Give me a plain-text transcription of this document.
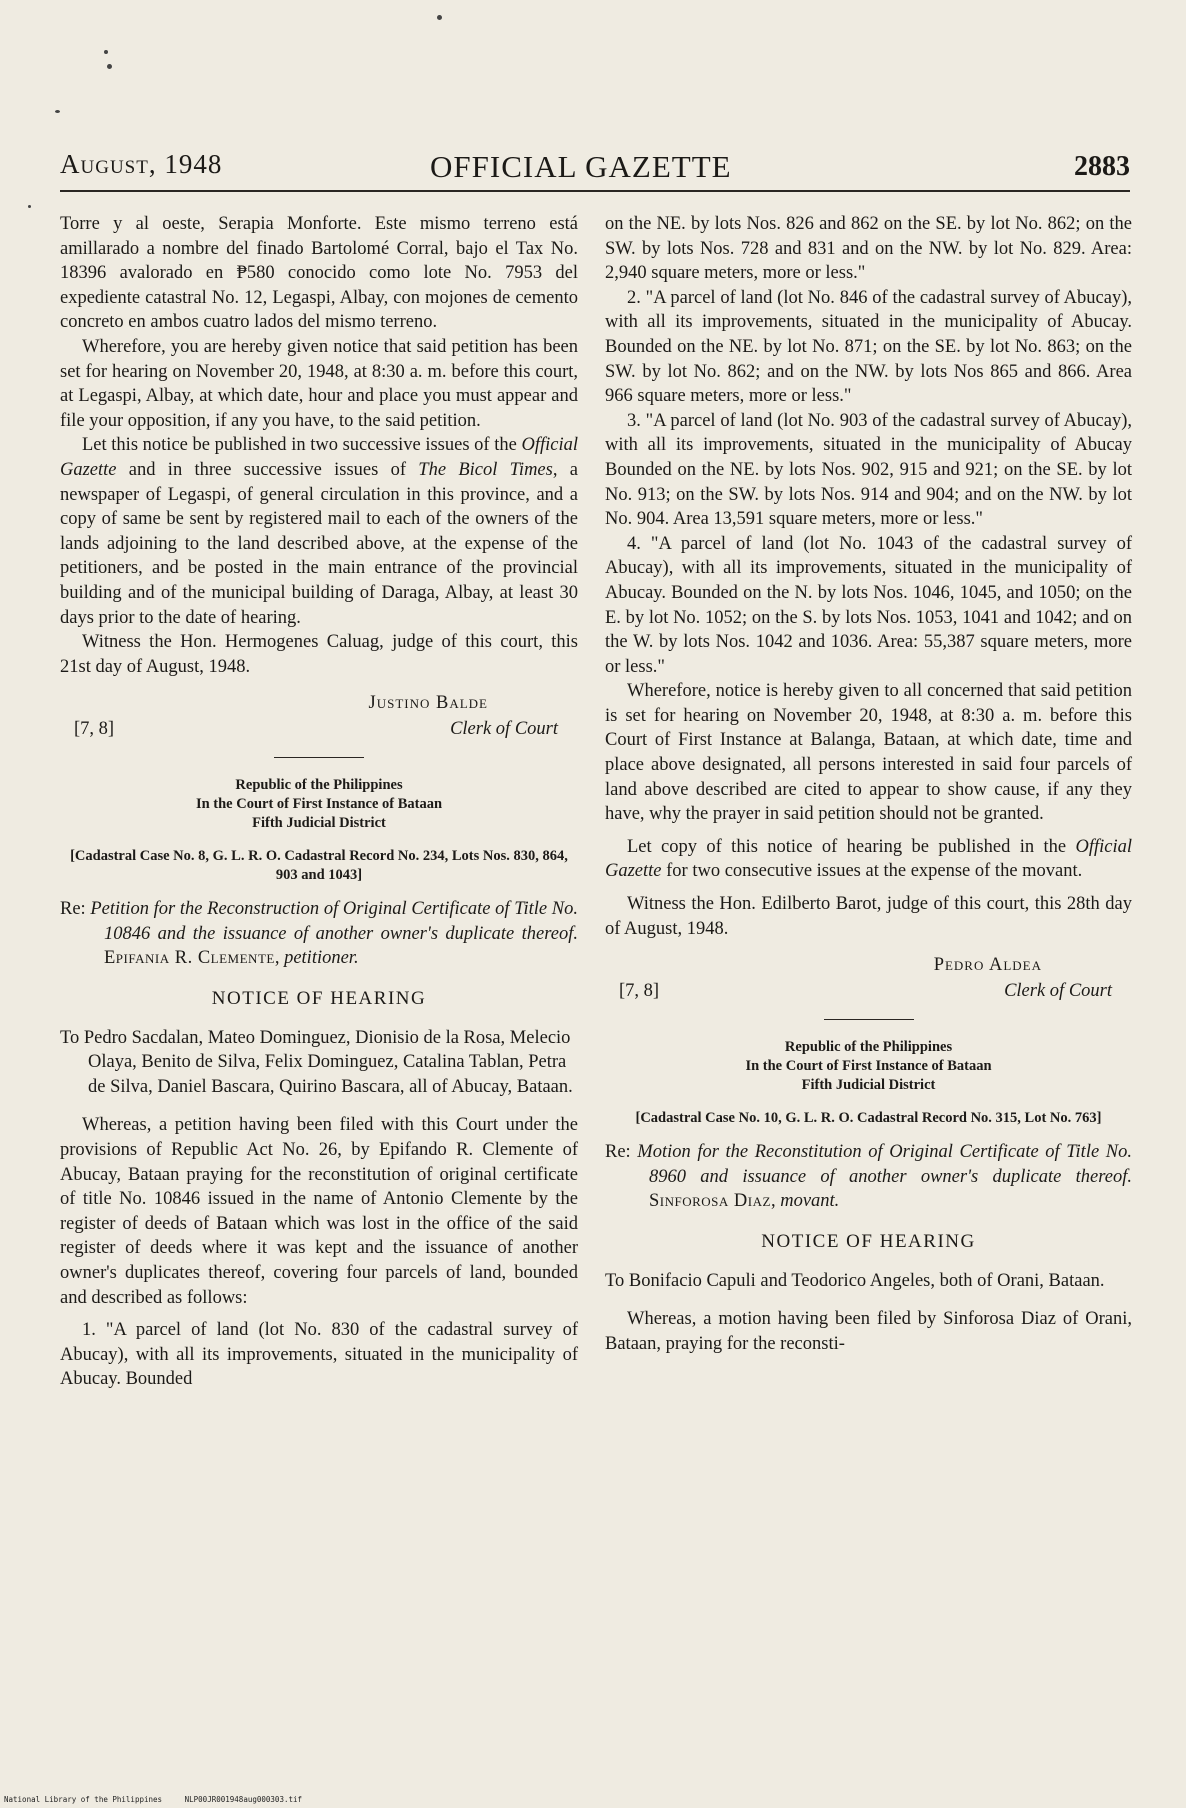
August, 1948	OFFICIAL GAZETTE	2883

Torre y al oeste, Serapia Monforte. Este mismo terreno está amillarado a nombre del finado Bartolomé Corral, bajo el Tax No. 18396 avalorado en ₱580 conocido como lote No. 7953 del expediente catastral No. 12, Legaspi, Albay, con mojones de cemento concreto en ambos cuatro lados del mismo terreno.

Wherefore, you are hereby given notice that said petition has been set for hearing on November 20, 1948, at 8:30 a. m. before this court, at Legaspi, Albay, at which date, hour and place you must appear and file your opposition, if any you have, to the said petition.

Let this notice be published in two successive issues of the Official Gazette and in three successive issues of The Bicol Times, a newspaper of Legaspi, of general circulation in this province, and a copy of same be sent by registered mail to each of the owners of the lands adjoining to the land described above, at the expense of the petitioners, and be posted in the main entrance of the provincial building and of the municipal building of Daraga, Albay, at least 30 days prior to the date of hearing.

Witness the Hon. Hermogenes Caluag, judge of this court, this 21st day of August, 1948.

Justino Balde
[7, 8]	Clerk of Court
Republic of the Philippines
In the Court of First Instance of Bataan
Fifth Judicial District
[Cadastral Case No. 8, G. L. R. O. Cadastral Record No. 234, Lots Nos. 830, 864, 903 and 1043]

Re: Petition for the Reconstruction of Original Certificate of Title No. 10846 and the issuance of another owner's duplicate thereof. Epifania R. Clemente, petitioner.

NOTICE OF HEARING

To Pedro Sacdalan, Mateo Dominguez, Dionisio de la Rosa, Melecio Olaya, Benito de Silva, Felix Dominguez, Catalina Tablan, Petra de Silva, Daniel Bascara, Quirino Bascara, all of Abucay, Bataan.

Whereas, a petition having been filed with this Court under the provisions of Republic Act No. 26, by Epifando R. Clemente of Abucay, Bataan praying for the reconstitution of original certificate of title No. 10846 issued in the name of Antonio Clemente by the register of deeds of Bataan which was lost in the office of the said register of deeds where it was kept and the issuance of another owner's duplicates thereof, covering four parcels of land, bounded and described as follows:

1. "A parcel of land (lot No. 830 of the cadastral survey of Abucay), with all its improvements, situated in the municipality of Abucay. Bounded

on the NE. by lots Nos. 826 and 862 on the SE. by lot No. 862; on the SW. by lots Nos. 728 and 831 and on the NW. by lot No. 829. Area: 2,940 square meters, more or less."

2. "A parcel of land (lot No. 846 of the cadastral survey of Abucay), with all its improvements, situated in the municipality of Abucay. Bounded on the NE. by lot No. 871; on the SE. by lot No. 863; on the SW. by lot No. 862; and on the NW. by lots Nos 865 and 866. Area 966 square meters, more or less."

3. "A parcel of land (lot No. 903 of the cadastral survey of Abucay), with all its improvements, situated in the municipality of Abucay Bounded on the NE. by lots Nos. 902, 915 and 921; on the SE. by lot No. 913; on the SW. by lots Nos. 914 and 904; and on the NW. by lot No. 904. Area 13,591 square meters, more or less."

4. "A parcel of land (lot No. 1043 of the cadastral survey of Abucay), with all its improvements, situated in the municipality of Abucay. Bounded on the N. by lots Nos. 1046, 1045, and 1050; on the E. by lot No. 1052; on the S. by lots Nos. 1053, 1041 and 1042; and on the W. by lots Nos. 1042 and 1036. Area: 55,387 square meters, more or less."

Wherefore, notice is hereby given to all concerned that said petition is set for hearing on November 20, 1948, at 8:30 a. m. before this Court of First Instance at Balanga, Bataan, at which date, time and place above designated, all persons interested in said four parcels of land above described are cited to appear to show cause, if any they have, why the prayer in said petition should not be granted.

Let copy of this notice of hearing be published in the Official Gazette for two consecutive issues at the expense of the movant.

Witness the Hon. Edilberto Barot, judge of this court, this 28th day of August, 1948.

Pedro Aldea
[7, 8]	Clerk of Court
Republic of the Philippines
In the Court of First Instance of Bataan
Fifth Judicial District
[Cadastral Case No. 10, G. L. R. O. Cadastral Record No. 315, Lot No. 763]

Re: Motion for the Reconstitution of Original Certificate of Title No. 8960 and issuance of another owner's duplicate thereof. Sinforosa Diaz, movant.

NOTICE OF HEARING

To Bonifacio Capuli and Teodorico Angeles, both of Orani, Bataan.

Whereas, a motion having been filed by Sinforosa Diaz of Orani, Bataan, praying for the reconsti-

National Library of the Philippines     NLP00JR001948aug000303.tif
